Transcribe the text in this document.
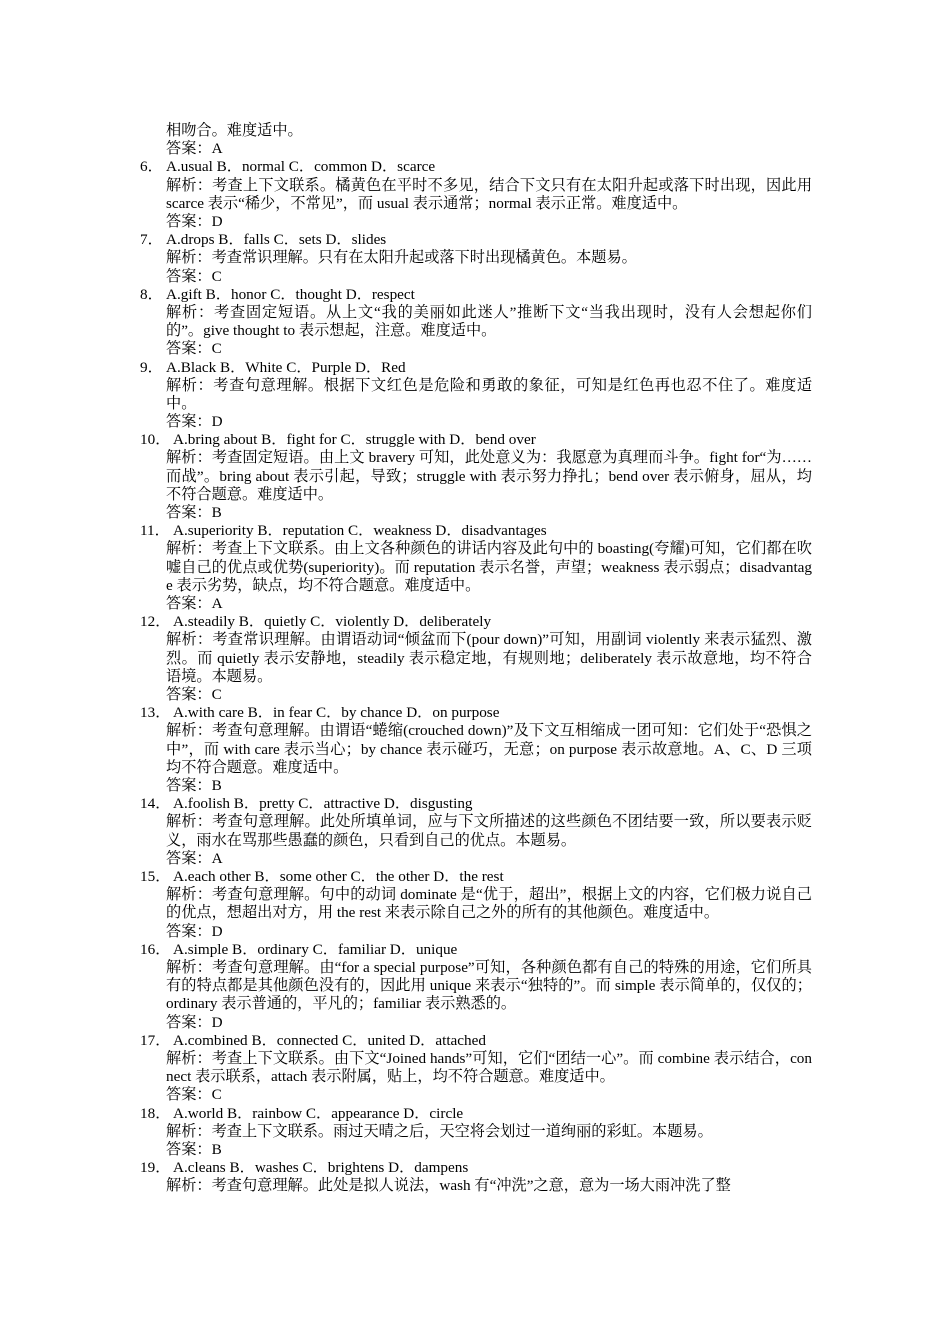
相吻合。难度适中。
答案：A
6． A.usual B．normal C．common D．scarce
解析：考查上下文联系。橘黄色在平时不多见，结合下文只有在太阳升起或落下时出现，因此用 scarce 表示“稀少，不常见”，而 usual 表示通常；normal 表示正常。难度适中。
答案：D
7． A.drops B．falls C．sets D．slides
解析：考查常识理解。只有在太阳升起或落下时出现橘黄色。本题易。
答案：C
8． A.gift B．honor C．thought D．respect
解析：考查固定短语。从上文“我的美丽如此迷人”推断下文“当我出现时，没有人会想起你们的”。give thought to 表示想起，注意。难度适中。
答案：C
9． A.Black B．White C．Purple D．Red
解析：考查句意理解。根据下文红色是危险和勇敢的象征，可知是红色再也忍不住了。难度适中。
答案：D
10． A.bring about B．fight for C．struggle with D．bend over
解析：考查固定短语。由上文 bravery 可知，此处意义为：我愿意为真理而斗争。fight for“为……而战”。bring about 表示引起，导致；struggle with 表示努力挣扎；bend over 表示俯身，屈从，均不符合题意。难度适中。
答案：B
11． A.superiority B．reputation C．weakness D．disadvantages
解析：考查上下文联系。由上文各种颜色的讲话内容及此句中的 boasting(夸耀)可知，它们都在吹嘘自己的优点或优势(superiority)。而 reputation 表示名誉，声望；weakness 表示弱点；disadvantage 表示劣势，缺点，均不符合题意。难度适中。
答案：A
12． A.steadily B．quietly C．violently D．deliberately
解析：考查常识理解。由谓语动词“倾盆而下(pour down)”可知，用副词 violently 来表示猛烈、激烈。而 quietly 表示安静地，steadily 表示稳定地，有规则地；deliberately 表示故意地，均不符合语境。本题易。
答案：C
13． A.with care B．in fear C．by chance D．on purpose
解析：考查句意理解。由谓语“蜷缩(crouched down)”及下文互相缩成一团可知：它们处于“恐惧之中”，而 with care 表示当心；by chance 表示碰巧，无意；on purpose 表示故意地。A、C、D 三项均不符合题意。难度适中。
答案：B
14． A.foolish B．pretty C．attractive D．disgusting
解析：考查句意理解。此处所填单词，应与下文所描述的这些颜色不团结要一致，所以要表示贬义，雨水在骂那些愚蠢的颜色，只看到自己的优点。本题易。
答案：A
15． A.each other B．some other C．the other D．the rest
解析：考查句意理解。句中的动词 dominate 是“优于，超出”，根据上文的内容，它们极力说自己的优点，想超出对方，用 the rest 来表示除自己之外的所有的其他颜色。难度适中。
答案：D
16． A.simple B．ordinary C．familiar D．unique
解析：考查句意理解。由“for a special purpose”可知，各种颜色都有自己的特殊的用途，它们所具有的特点都是其他颜色没有的，因此用 unique 来表示“独特的”。而 simple 表示简单的，仅仅的；ordinary 表示普通的，平凡的；familiar 表示熟悉的。
答案：D
17． A.combined B．connected C．united D．attached
解析：考查上下文联系。由下文“Joined hands”可知，它们“团结一心”。而 combine 表示结合，connect 表示联系，attach 表示附属，贴上，均不符合题意。难度适中。
答案：C
18． A.world B．rainbow C．appearance D．circle
解析：考查上下文联系。雨过天晴之后，天空将会划过一道绚丽的彩虹。本题易。
答案：B
19． A.cleans B．washes C．brightens D．dampens
解析：考查句意理解。此处是拟人说法，wash 有“冲洗”之意，意为一场大雨冲洗了整
